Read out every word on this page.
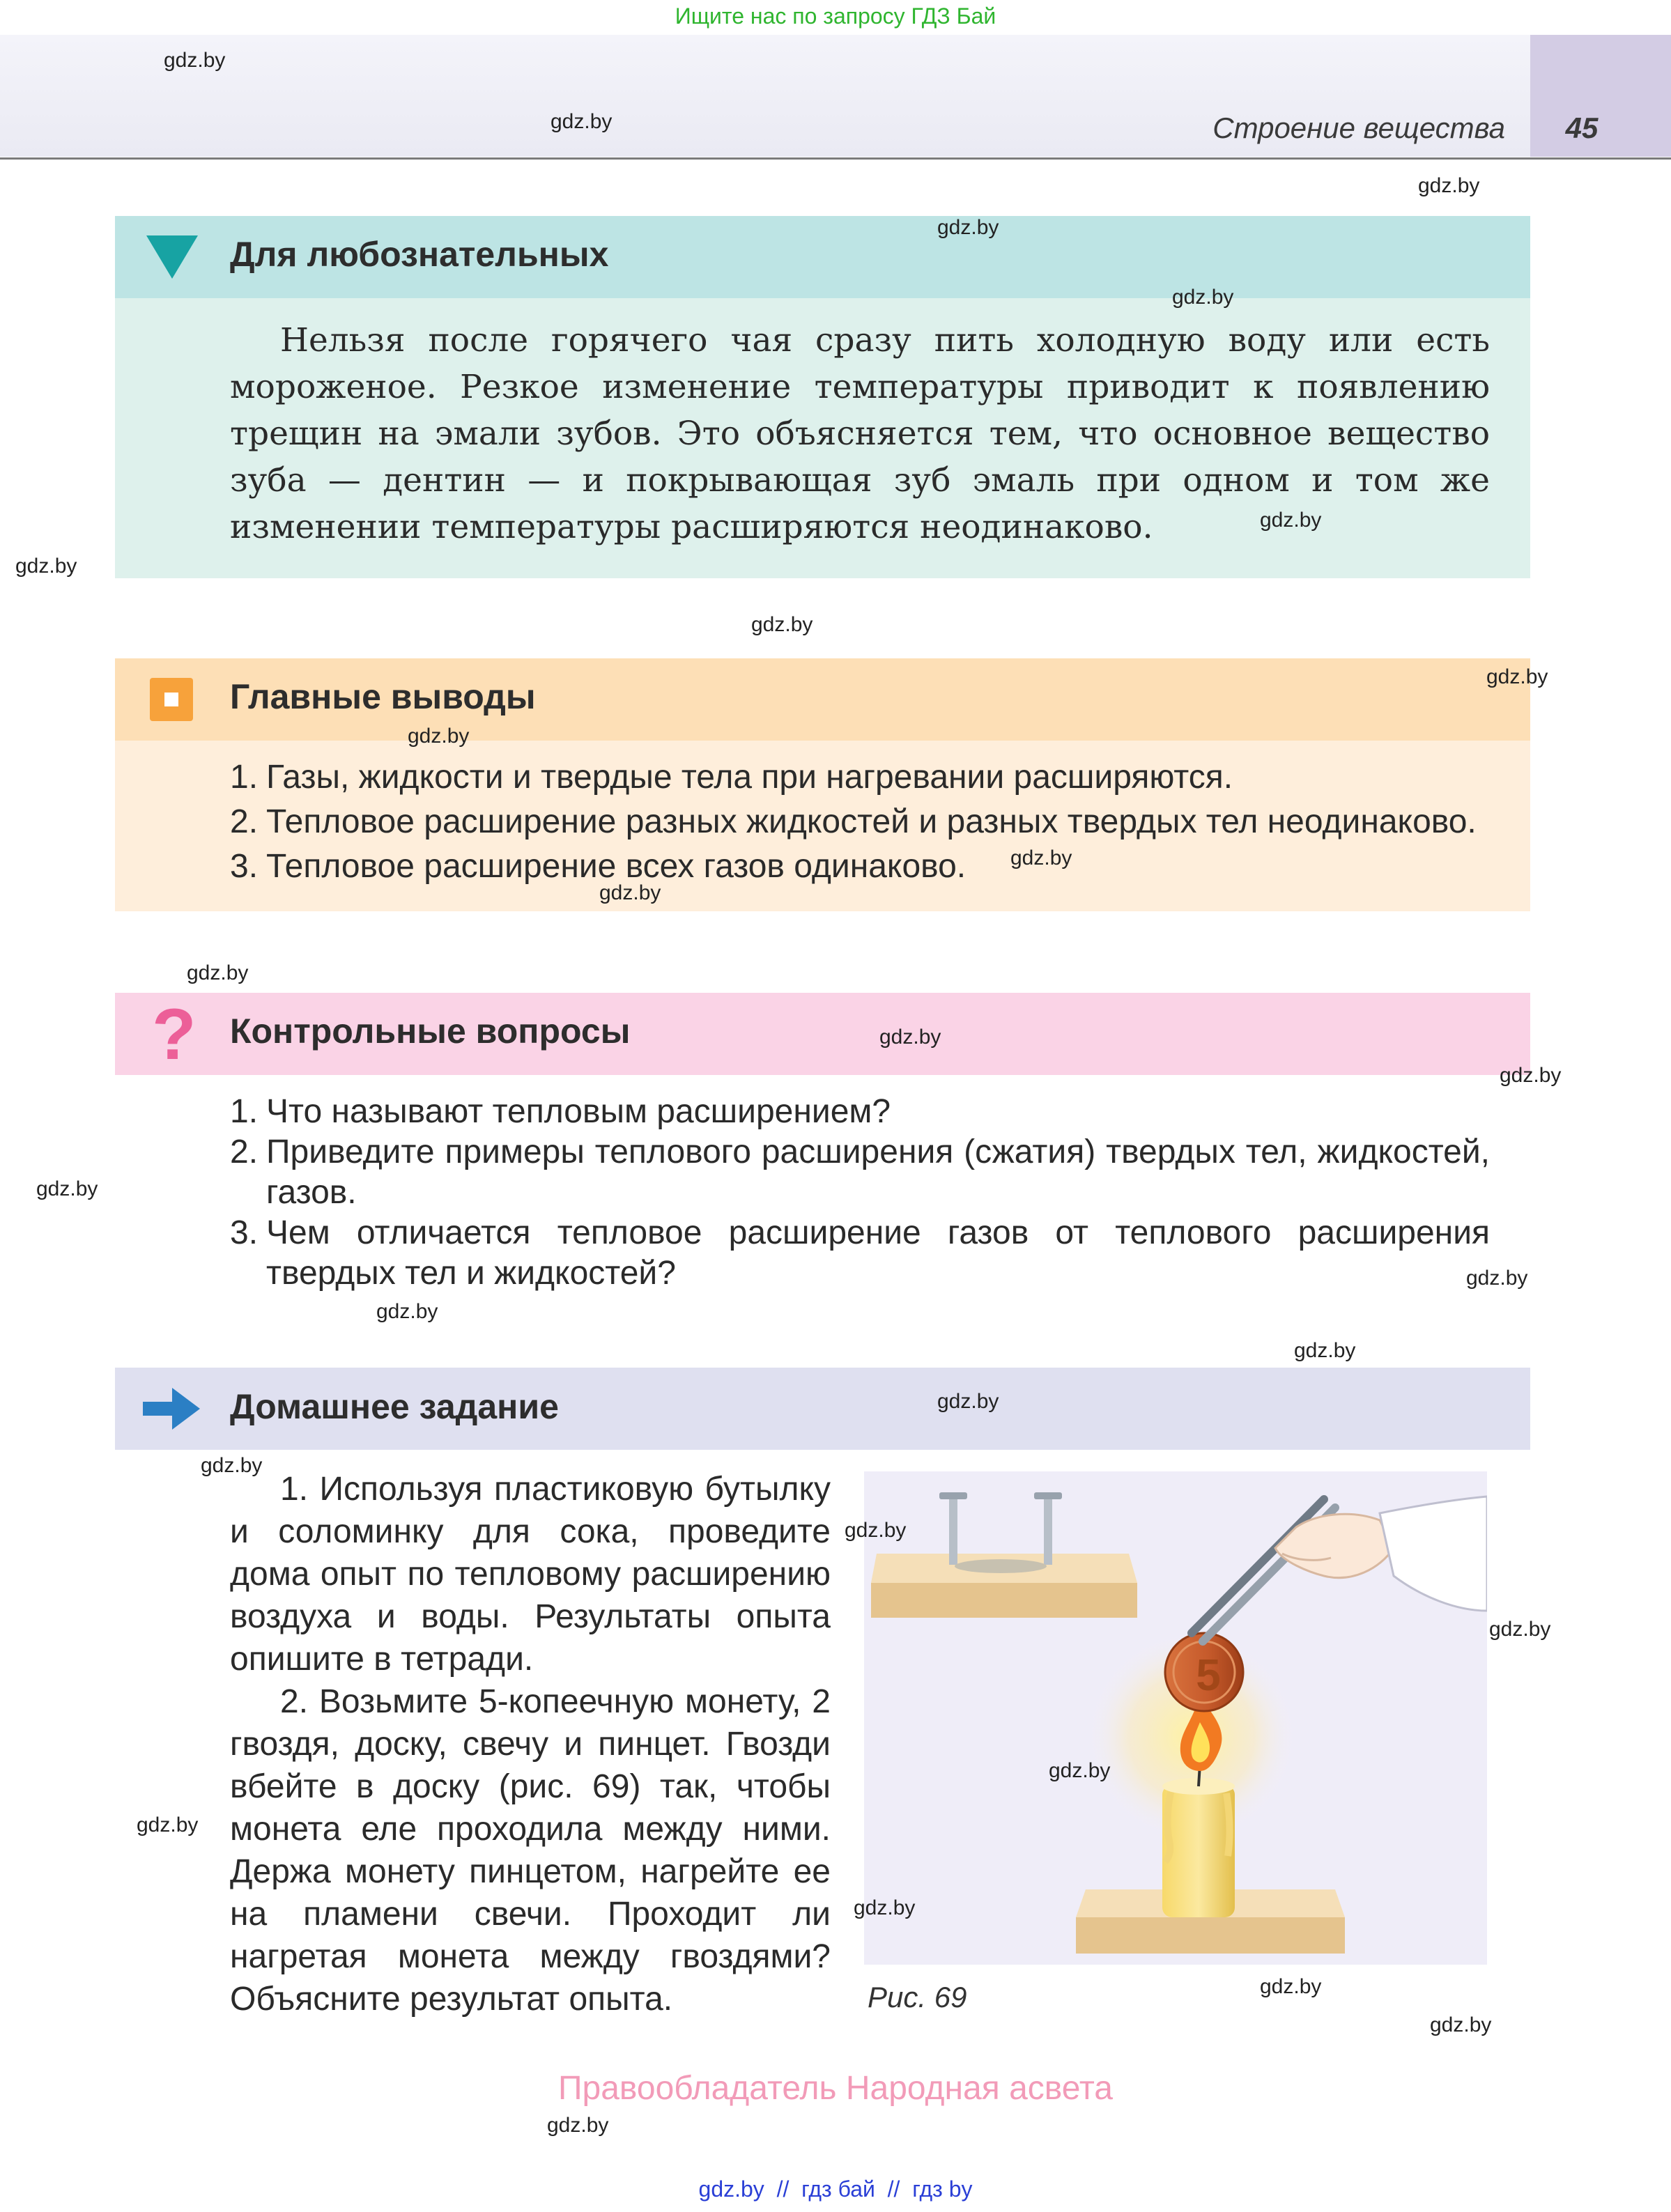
Ищите нас по запросу ГДЗ Бай
Строение вещества	45
Для любознательных
Нельзя после горячего чая сразу пить холодную воду или есть мороженое. Резкое изменение температуры приводит к появлению трещин на эмали зубов. Это объясняется тем, что основное вещество зуба — дентин — и покрывающая зуб эмаль при одном и том же изменении температуры расширяются неодинаково.
Главные выводы
1. Газы, жидкости и твердые тела при нагревании расширяются.
2. Тепловое расширение разных жидкостей и разных твердых тел неодинаково.
3. Тепловое расширение всех газов одинаково.
? Контрольные вопросы
1. Что называют тепловым расширением?
2. Приведите примеры теплового расширения (сжатия) твердых тел, жидкостей, газов.
3. Чем отличается тепловое расширение газов от теплового расширения твердых тел и жидкостей?
Домашнее задание

1. Используя пластиковую бутылку и соломинку для сока, проведите дома опыт по тепловому расширению воздуха и воды. Результаты опыта опишите в тетради.

2. Возьмите 5-копеечную монету, 2 гвоздя, доску, свечу и пинцет. Гвозди вбейте в доску (рис. 69) так, чтобы монета еле проходила между ними. Держа монету пинцетом, нагрейте ее на пламени свечи. Проходит ли нагретая монета между гвоздями? Объясните результат опыта.

5
Рис. 69
gdz.by
gdz.by
gdz.by
gdz.by
gdz.by
gdz.by
gdz.by
gdz.by
gdz.by
gdz.by
gdz.by
gdz.by
gdz.by
gdz.by
gdz.by
gdz.by
gdz.by
gdz.by
gdz.by
gdz.by
gdz.by
gdz.by
gdz.by
gdz.by
gdz.by
gdz.by
gdz.by
gdz.by
gdz.by
Правообладатель Народная асвета
gdz.by  //  гдз бай  //  гдз by
